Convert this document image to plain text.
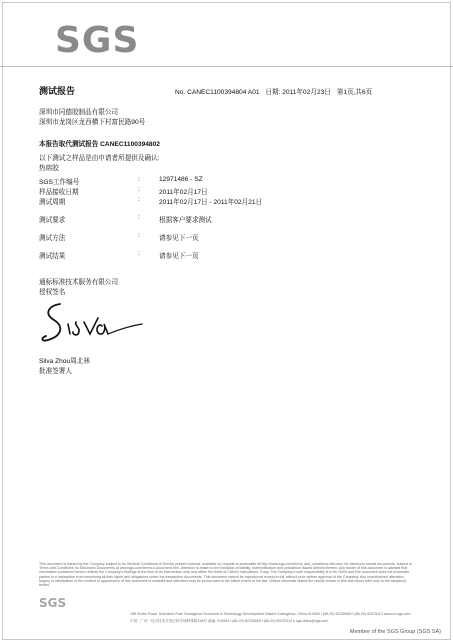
SGS
测试报告	No. CANEC1100394804 A01 日期: 2011年02月23日 第1页,共6页
深圳市同德胶制品有限公司
深圳市龙岗区龙西横下村富民路90号
本报告取代测试报告 CANEC1100394802
以下测试之样品是由申请者所提供及确认:
热熔胶
SGS工作编号	:	12971486 - SZ
样品接收日期	:	2011年02月17日
测试周期	:	2011年02月17日 - 2011年02月21日
测试要求	:	根据客户要求测试
测试方法	:	请参见下一页
测试结果	:	请参见下一页
通标标准技术服务有限公司
授权签名
Silva Zhou周北林
批准签署人
This document is issued by the Company subject to its General Conditions of Service printed overleaf, available on request or accessible at http://www.sgs.com/terms_and_conditions.htm and, for electronic format documents, subject to Terms and Conditions for Electronic Documents at www.sgs.com/terms-e-document.htm. Attention is drawn to the limitation of liability, indemnification and jurisdiction issues defined therein. Any holder of this document is advised that information contained hereon reflects the Company's findings at the time of its intervention only and within the limits of Client's instructions, if any. The Company's sole responsibility is to its Client and this document does not exonerate parties to a transaction from exercising all their rights and obligations under the transaction documents. This document cannot be reproduced except in full, without prior written approval of the Company. Any unauthorized alteration, forgery or falsification of the content or appearance of this document is unlawful and offenders may be prosecuted to the fullest extent of the law. Unless otherwise stated the results shown in this test report refer only to the sample(s) tested.
SGS
198 Kezhu Road, Scientech Park Guangzhou Economic & Technology Development District Guangzhou, China 510663 t (86-20) 82155555 f (86-20) 82075113 www.cn.sgs.com
中国 · 广州 · 经济技术开发区科学城科珠路198号 邮编: 510663 t (86-20) 82155555 f (86-20) 82075113 e sgs.china@sgs.com
Member of the SGS Group (SGS SA)
